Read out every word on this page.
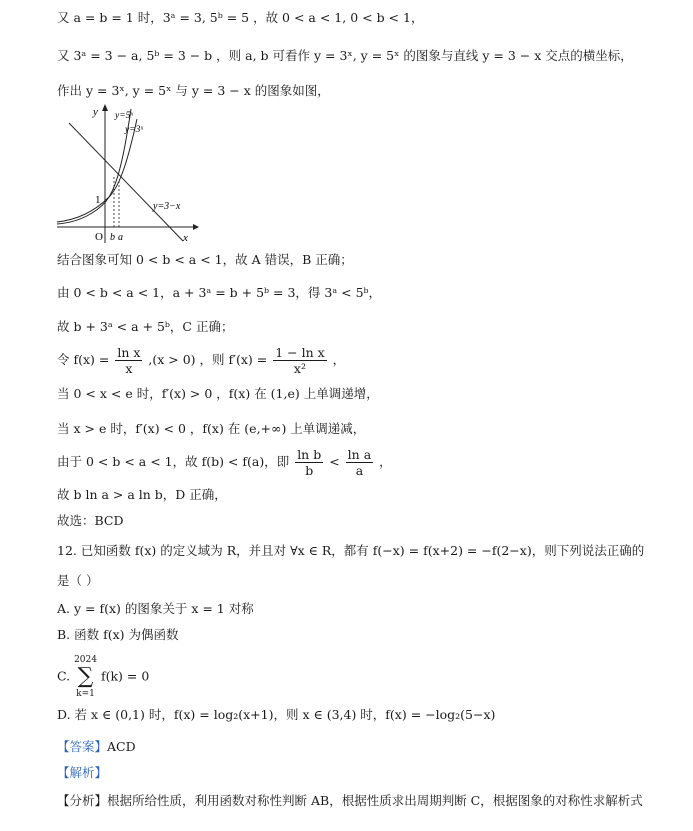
又 a = b = 1 时，3ᵃ = 3, 5ᵇ = 5 ，故 0 < a < 1, 0 < b < 1，
又 3ᵃ = 3 − a, 5ᵇ = 3 − b ，则 a, b 可看作 y = 3ˣ, y = 5ˣ 的图象与直线 y = 3 − x 交点的横坐标，
作出 y = 3ˣ, y = 5ˣ 与 y = 3 − x 的图象如图，
y
x
O
1
b a
y=5ˣ
y=3ˣ
y=3−x
结合图象可知 0 < b < a < 1，故 A 错误，B 正确；
由 0 < b < a < 1，a + 3ᵃ = b + 5ᵇ = 3，得 3ᵃ < 5ᵇ，
故 b + 3ᵃ < a + 5ᵇ，C 正确；
令 $f(x) = \frac{\text{ln x}}{x} ,(x > 0)$ ，则 $f'(x) = \frac{\text{1 − ln x}}{\text{x²}}$ ，
当 0 < x < e 时，f′(x) > 0 ，f(x) 在 (1,e) 上单调递增，
当 x > e 时，f′(x) < 0 ，f(x) 在 (e,+∞) 上单调递减，
由于 0 < b < a < 1，故 f(b) < f(a)，即 $\frac{\text{ln b}}{b} < \frac{\text{ln a}}{a}$ ，
故 b ln a > a ln b，D 正确，
故选：BCD
12. 已知函数 f(x) 的定义域为 R，并且对 ∀x ∈ R，都有 f(−x) = f(x+2) = −f(2−x)，则下列说法正确的
是（ ）
A. y = f(x) 的图象关于 x = 1 对称
B. 函数 f(x) 为偶函数
C.
2024
∑
k=1
f(k) = 0
D. 若 x ∈ (0,1) 时，f(x) = log₂(x+1)，则 x ∈ (3,4) 时，f(x) = −log₂(5−x)
【答案】ACD
【解析】
【分析】根据所给性质，利用函数对称性判断 AB，根据性质求出周期判断 C，根据图象的对称性求解析式
